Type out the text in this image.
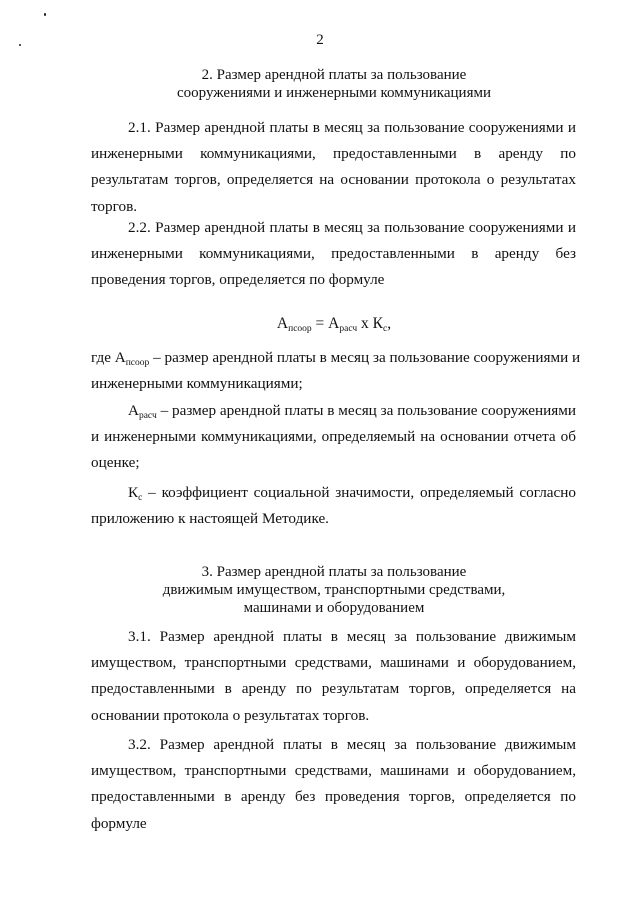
2
2. Размер арендной платы за пользование
сооружениями и инженерными коммуникациями
2.1. Размер арендной платы в месяц за пользование сооружениями и
инженерными коммуникациями, предоставленными в аренду по
результатам торгов, определяется на основании протокола о результатах
торгов.
2.2. Размер арендной платы в месяц за пользование сооружениями и
инженерными коммуникациями, предоставленными в аренду без
проведения торгов, определяется по формуле
$А_{псоор} = А_{расч}$ х $К_с$,
где $А_{псоор}$ – размер арендной платы в месяц за пользование сооружениями и
инженерными коммуникациями;
$А_{расч}$ – размер арендной платы в месяц за пользование сооружениями
и инженерными коммуникациями, определяемый на основании отчета об
оценке;
$К_с$ – коэффициент социальной значимости, определяемый согласно
приложению к настоящей Методике.
3. Размер арендной платы за пользование
движимым имуществом, транспортными средствами,
машинами и оборудованием
3.1. Размер арендной платы в месяц за пользование движимым
имуществом, транспортными средствами, машинами и оборудованием,
предоставленными в аренду по результатам торгов, определяется на
основании протокола о результатах торгов.
3.2. Размер арендной платы в месяц за пользование движимым
имуществом, транспортными средствами, машинами и оборудованием,
предоставленными в аренду без проведения торгов, определяется по
формуле
